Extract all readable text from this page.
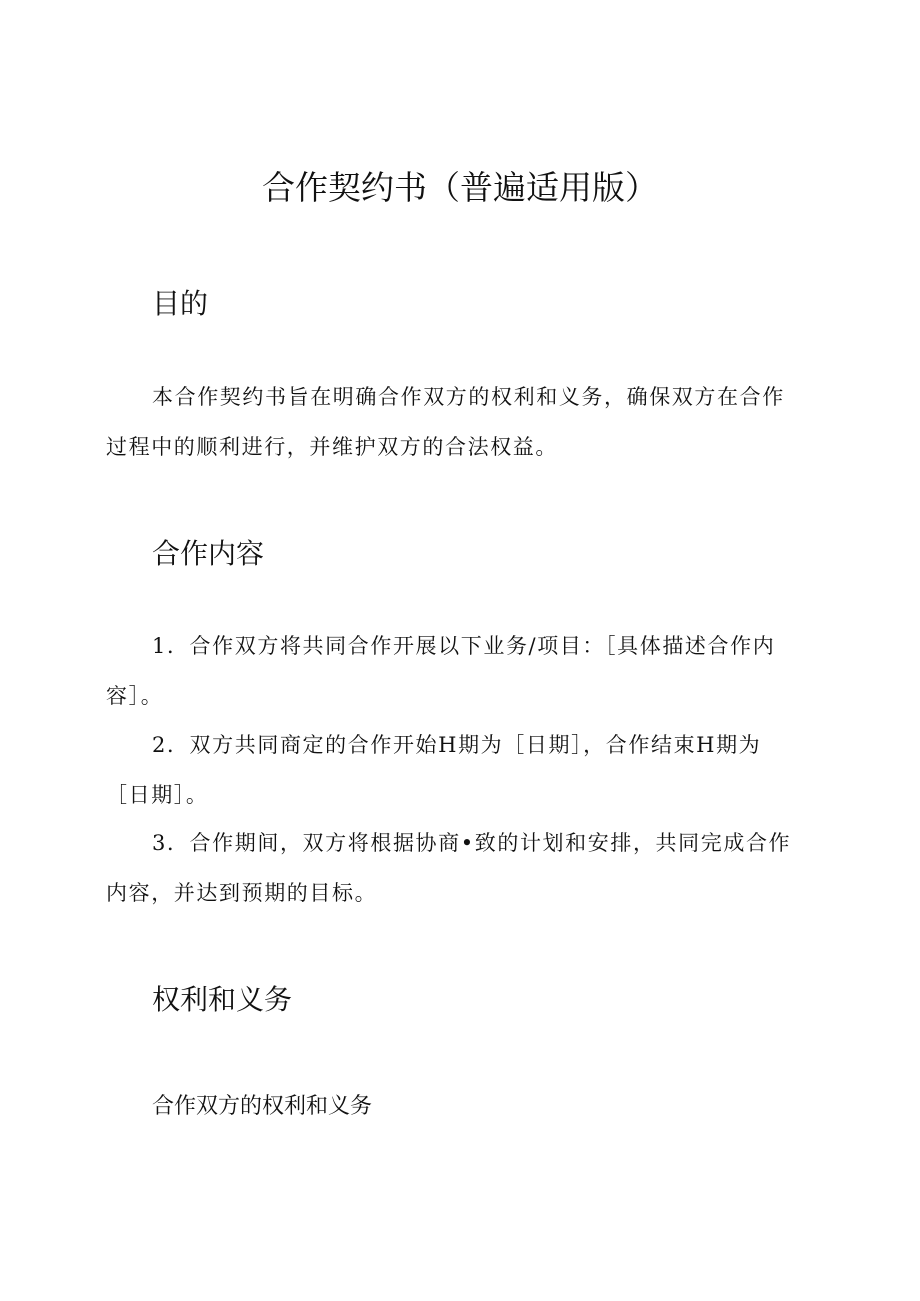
合作契约书（普遍适用版）
目的

本合作契约书旨在明确合作双方的权利和义务，确保双方在合作过程中的顺利进行，并维护双方的合法权益。

合作内容

1．合作双方将共同合作开展以下业务/项目：［具体描述合作内容］。

2．双方共同商定的合作开始H期为［日期］，合作结束H期为［日期］。

3．合作期间，双方将根据协商•致的计划和安排，共同完成合作内容，并达到预期的目标。

权利和义务
合作双方的权利和义务
